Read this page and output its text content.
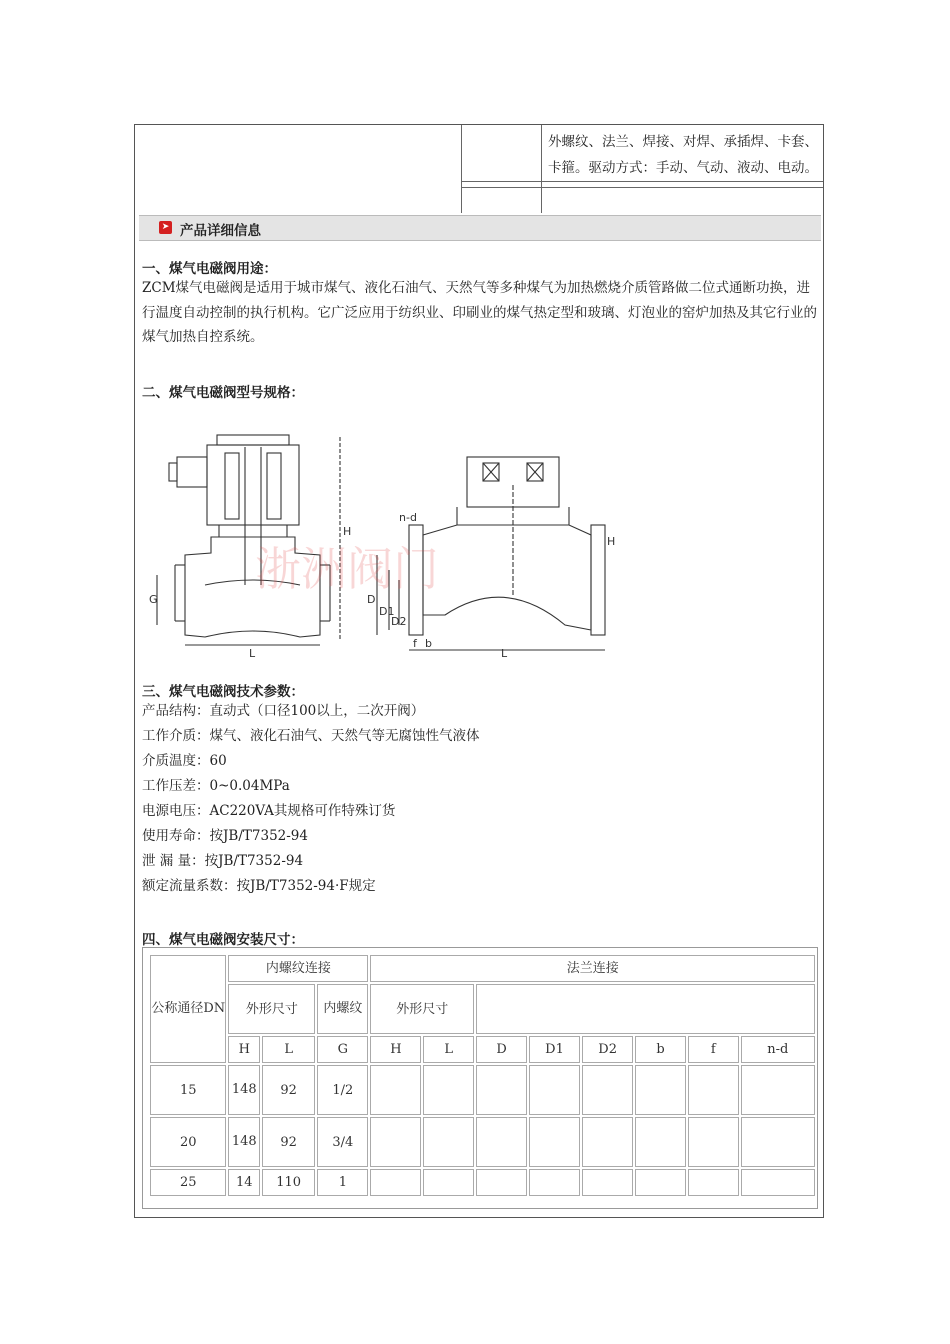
外螺纹、法兰、焊接、对焊、承插焊、卡套、卡箍。驱动方式：手动、气动、液动、电动。
➤ 产品详细信息
一、煤气电磁阀用途：
ZCM煤气电磁阀是适用于城市煤气、液化石油气、天然气等多种煤气为加热燃烧介质管路做二位式通断功换，进行温度自动控制的执行机构。它广泛应用于纺织业、印刷业的煤气热定型和玻璃、灯泡业的窑炉加热及其它行业的煤气加热自控系统。
二、煤气电磁阀型号规格：
G
L
H
n-d
D
D1
D2
f b
L
H
浙洲阀门
三、煤气电磁阀技术参数：
产品结构：直动式（口径100以上，二次开阀）
工作介质：煤气、液化石油气、天然气等无腐蚀性气液体
介质温度：60
工作压差：0~0.04MPa
电源电压：AC220VA其规格可作特殊订货
使用寿命：按JB/T7352-94
泄 漏 量：按JB/T7352-94
额定流量系数：按JB/T7352-94·F规定
四、煤气电磁阀安装尺寸：
公称通径DN	内螺纹连接			法兰连接							
	外形尺寸		内螺纹	外形尺寸							
	H	L	G	H	L	D	D1	D2	b	f	n-d
15	148	92	1/2								
20	148	92	3/4								
25	14	110	1								
